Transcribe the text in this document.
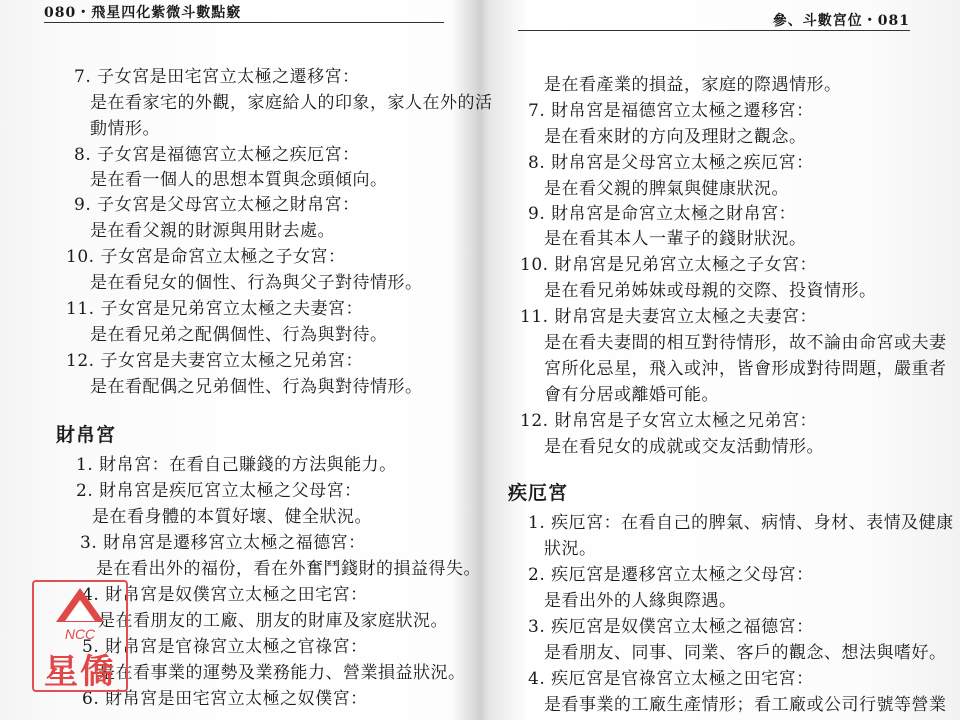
080・飛星四化紫微斗數點竅
7. 子女宮是田宅宮立太極之遷移宮：
是在看家宅的外觀，家庭給人的印象，家人在外的活
動情形。
8. 子女宮是福德宮立太極之疾厄宮：
是在看一個人的思想本質與念頭傾向。
9. 子女宮是父母宮立太極之財帛宮：
是在看父親的財源與用財去處。
10. 子女宮是命宮立太極之子女宮：
是在看兒女的個性、行為與父子對待情形。
11. 子女宮是兄弟宮立太極之夫妻宮：
是在看兄弟之配偶個性、行為與對待。
12. 子女宮是夫妻宮立太極之兄弟宮：
是在看配偶之兄弟個性、行為與對待情形。
財帛宮
1. 財帛宮：在看自己賺錢的方法與能力。
2. 財帛宮是疾厄宮立太極之父母宮：
是在看身體的本質好壞、健全狀況。
3. 財帛宮是遷移宮立太極之福德宮：
是在看出外的福份，看在外奮鬥錢財的損益得失。
4. 財帛宮是奴僕宮立太極之田宅宮：
是在看朋友的工廠、朋友的財庫及家庭狀況。
5. 財帛宮是官祿宮立太極之官祿宮：
是在看事業的運勢及業務能力、營業損益狀況。
6. 財帛宮是田宅宮立太極之奴僕宮：
參、斗數宮位・081
是在看產業的損益，家庭的際遇情形。
7. 財帛宮是福德宮立太極之遷移宮：
是在看來財的方向及理財之觀念。
8. 財帛宮是父母宮立太極之疾厄宮：
是在看父親的脾氣與健康狀況。
9. 財帛宮是命宮立太極之財帛宮：
是在看其本人一輩子的錢財狀況。
10. 財帛宮是兄弟宮立太極之子女宮：
是在看兄弟姊妹或母親的交際、投資情形。
11. 財帛宮是夫妻宮立太極之夫妻宮：
是在看夫妻間的相互對待情形，故不論由命宮或夫妻
宮所化忌星，飛入或沖，皆會形成對待問題，嚴重者
會有分居或離婚可能。
12. 財帛宮是子女宮立太極之兄弟宮：
是在看兒女的成就或交友活動情形。
疾厄宮
1. 疾厄宮：在看自己的脾氣、病情、身材、表情及健康
狀況。
2. 疾厄宮是遷移宮立太極之父母宮：
是看出外的人緣與際遇。
3. 疾厄宮是奴僕宮立太極之福德宮：
是看朋友、同事、同業、客戶的觀念、想法與嗜好。
4. 疾厄宮是官祿宮立太極之田宅宮：
是看事業的工廠生產情形；看工廠或公司行號等營業
NCC
星僑
